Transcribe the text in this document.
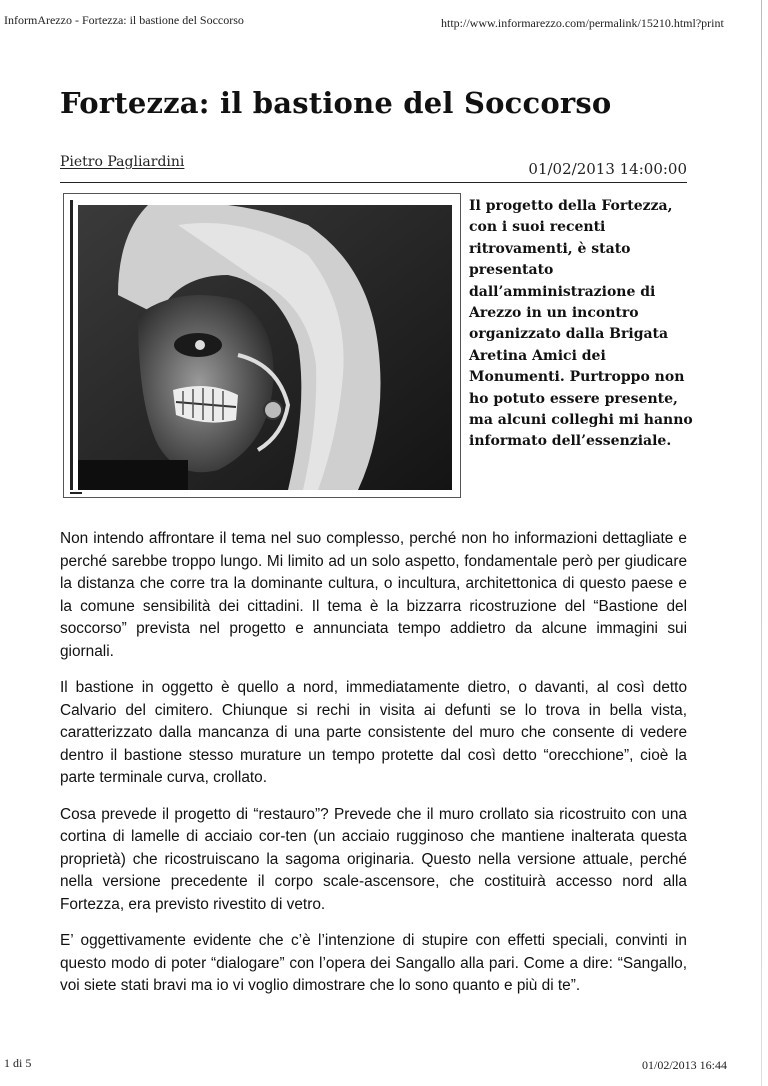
InformArezzo - Fortezza: il bastione del Soccorso	http://www.informarezzo.com/permalink/15210.html?print
Fortezza: il bastione del Soccorso
Pietro Pagliardini	01/02/2013 14:00:00
Il progetto della Fortezza, con i suoi recenti ritrovamenti, è stato presentato dall’amministrazione di Arezzo in un incontro organizzato dalla Brigata Aretina Amici dei Monumenti. Purtroppo non ho potuto essere presente, ma alcuni colleghi mi hanno informato dell’essenziale.

Non intendo affrontare il tema nel suo complesso, perché non ho informazioni dettagliate e perché sarebbe troppo lungo. Mi limito ad un solo aspetto, fondamentale però per giudicare la distanza che corre tra la dominante cultura, o incultura, architettonica di questo paese e la comune sensibilità dei cittadini. Il tema è la bizzarra ricostruzione del “Bastione del soccorso” prevista nel progetto e annunciata tempo addietro da alcune immagini sui giornali.

Il bastione in oggetto è quello a nord, immediatamente dietro, o davanti, al così detto Calvario del cimitero. Chiunque si rechi in visita ai defunti se lo trova in bella vista, caratterizzato dalla mancanza di una parte consistente del muro che consente di vedere dentro il bastione stesso murature un tempo protette dal così detto “orecchione”, cioè la parte terminale curva, crollato.

Cosa prevede il progetto di “restauro”? Prevede che il muro crollato sia ricostruito con una cortina di lamelle di acciaio cor-ten (un acciaio rugginoso che mantiene inalterata questa proprietà) che ricostruiscano la sagoma originaria. Questo nella versione attuale, perché nella versione precedente il corpo scale-ascensore, che costituirà accesso nord alla Fortezza, era previsto rivestito di vetro.

E’ oggettivamente evidente che c’è l’intenzione di stupire con effetti speciali, convinti in questo modo di poter “dialogare” con l’opera dei Sangallo alla pari. Come a dire: “Sangallo, voi siete stati bravi ma io vi voglio dimostrare che lo sono quanto e più di te”.

1 di 5	01/02/2013 16:44
